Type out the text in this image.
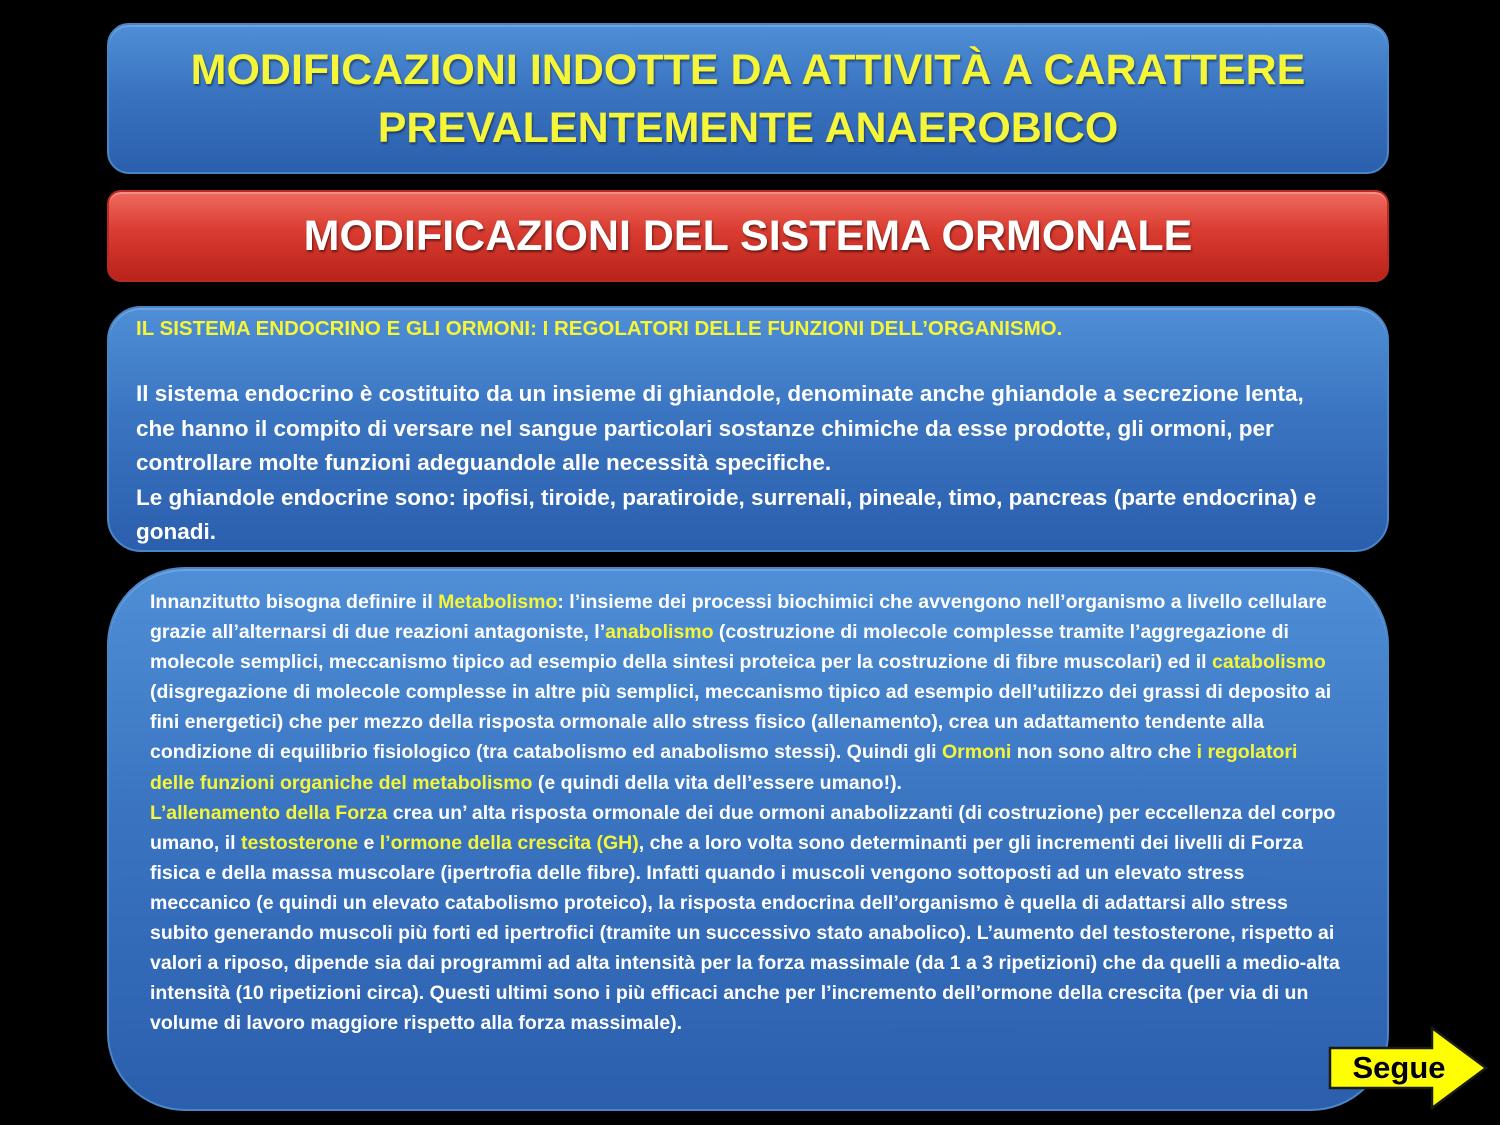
MODIFICAZIONI INDOTTE DA ATTIVITÀ A CARATTERE
PREVALENTEMENTE ANAEROBICO
MODIFICAZIONI DEL SISTEMA ORMONALE

IL SISTEMA ENDOCRINO E GLI ORMONI: I REGOLATORI DELLE FUNZIONI DELL’ORGANISMO.

Il sistema endocrino è costituito da un insieme di ghiandole, denominate anche ghiandole a secrezione lenta, che hanno il compito di versare nel sangue particolari sostanze chimiche da esse prodotte, gli ormoni, per controllare molte funzioni adeguandole alle necessità specifiche.

Le ghiandole endocrine sono: ipofisi, tiroide, paratiroide, surrenali, pineale, timo, pancreas (parte endocrina) e gonadi.

Innanzitutto bisogna definire il Metabolismo: l’insieme dei processi biochimici che avvengono nell’organismo a livello cellulare grazie all’alternarsi di due reazioni antagoniste, l’anabolismo (costruzione di molecole complesse tramite l’aggregazione di molecole semplici, meccanismo tipico ad esempio della sintesi proteica per la costruzione di fibre muscolari) ed il catabolismo (disgregazione di molecole complesse in altre più semplici, meccanismo tipico ad esempio dell’utilizzo dei grassi di deposito ai fini energetici) che per mezzo della risposta ormonale allo stress fisico (allenamento), crea un adattamento tendente alla condizione di equilibrio fisiologico (tra catabolismo ed anabolismo stessi). Quindi gli Ormoni non sono altro che i regolatori delle funzioni organiche del metabolismo (e quindi della vita dell’essere umano!).

L’allenamento della Forza crea un’ alta risposta ormonale dei due ormoni anabolizzanti (di costruzione) per eccellenza del corpo umano, il testosterone e l’ormone della crescita (GH), che a loro volta sono determinanti per gli incrementi dei livelli di Forza fisica e della massa muscolare (ipertrofia delle fibre). Infatti quando i muscoli vengono sottoposti ad un elevato stress meccanico (e quindi un elevato catabolismo proteico), la risposta endocrina dell’organismo è quella di adattarsi allo stress subito generando muscoli più forti ed ipertrofici (tramite un successivo stato anabolico). L’aumento del testosterone, rispetto ai valori a riposo, dipende sia dai programmi ad alta intensità per la forza massimale (da 1 a 3 ripetizioni) che da quelli a medio-alta intensità (10 ripetizioni circa). Questi ultimi sono i più efficaci anche per l’incremento dell’ormone della crescita (per via di un volume di lavoro maggiore rispetto alla forza massimale).

Segue
